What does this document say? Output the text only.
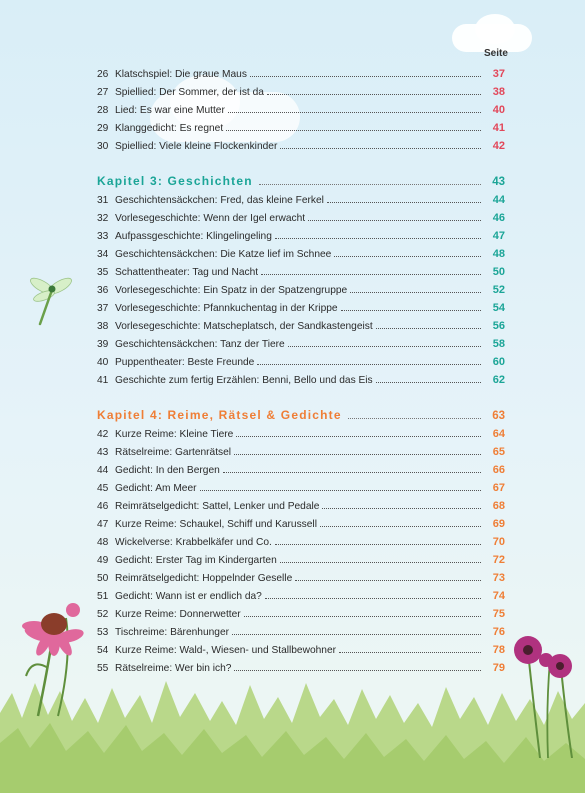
Seite
26 Klatschspiel: Die graue Maus	37
27 Spiellied: Der Sommer, der ist da	38
28 Lied: Es war eine Mutter	40
29 Klanggedicht: Es regnet	41
30 Spiellied: Viele kleine Flockenkinder	42
Kapitel 3: Geschichten	43
31 Geschichtensäckchen: Fred, das kleine Ferkel	44
32 Vorlesegeschichte: Wenn der Igel erwacht	46
33 Aufpassgeschichte: Klingelingeling	47
34 Geschichtensäckchen: Die Katze lief im Schnee	48
35 Schattentheater: Tag und Nacht	50
36 Vorlesegeschichte: Ein Spatz in der Spatzengruppe	52
37 Vorlesegeschichte: Pfannkuchentag in der Krippe	54
38 Vorlesegeschichte: Matscheplatsch, der Sandkastengeist	56
39 Geschichtensäckchen: Tanz der Tiere	58
40 Puppentheater: Beste Freunde	60
41 Geschichte zum fertig Erzählen: Benni, Bello und das Eis	62
Kapitel 4: Reime, Rätsel & Gedichte	63
42 Kurze Reime: Kleine Tiere	64
43 Rätselreime: Gartenrätsel	65
44 Gedicht: In den Bergen	66
45 Gedicht: Am Meer	67
46 Reimrätselgedicht: Sattel, Lenker und Pedale	68
47 Kurze Reime: Schaukel, Schiff und Karussell	69
48 Wickelverse: Krabbelkäfer und Co.	70
49 Gedicht: Erster Tag im Kindergarten	72
50 Reimrätselgedicht: Hoppelnder Geselle	73
51 Gedicht: Wann ist er endlich da?	74
52 Kurze Reime: Donnerwetter	75
53 Tischreime: Bärenhunger	76
54 Kurze Reime: Wald-, Wiesen- und Stallbewohner	78
55 Rätselreime: Wer bin ich?	79
